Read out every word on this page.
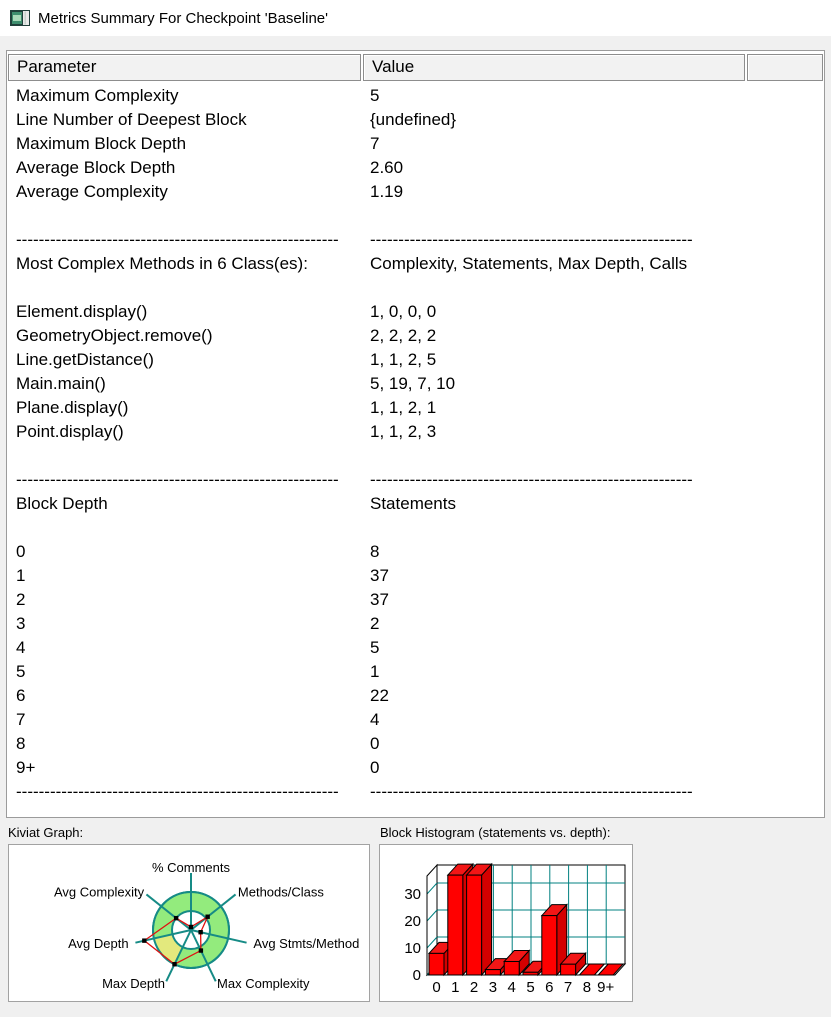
Metrics Summary For Checkpoint 'Baseline'
Parameter	Value
Maximum Complexity	5
Line Number of Deepest Block	{undefined}
Maximum Block Depth	7
Average Block Depth	2.60
Average Complexity	1.19
---------------------------------------------------------	---------------------------------------------------------
Most Complex Methods in 6 Class(es):	Complexity, Statements, Max Depth, Calls
Element.display()	1, 0, 0, 0
GeometryObject.remove()	2, 2, 2, 2
Line.getDistance()	1, 1, 2, 5
Main.main()	5, 19, 7, 10
Plane.display()	1, 1, 2, 1
Point.display()	1, 1, 2, 3
---------------------------------------------------------	---------------------------------------------------------
Block Depth	Statements
0	8
1	37
2	37
3	2
4	5
5	1
6	22
7	4
8	0
9+	0
---------------------------------------------------------	---------------------------------------------------------
Kiviat Graph:	Block Histogram (statements vs. depth):
% Comments
Methods/Class
Avg Stmts/Method
Max Complexity
Max Depth
Avg Depth
Avg Complexity
0
10
20
30
0 1 2 3 4 5 6 7 8 9+
